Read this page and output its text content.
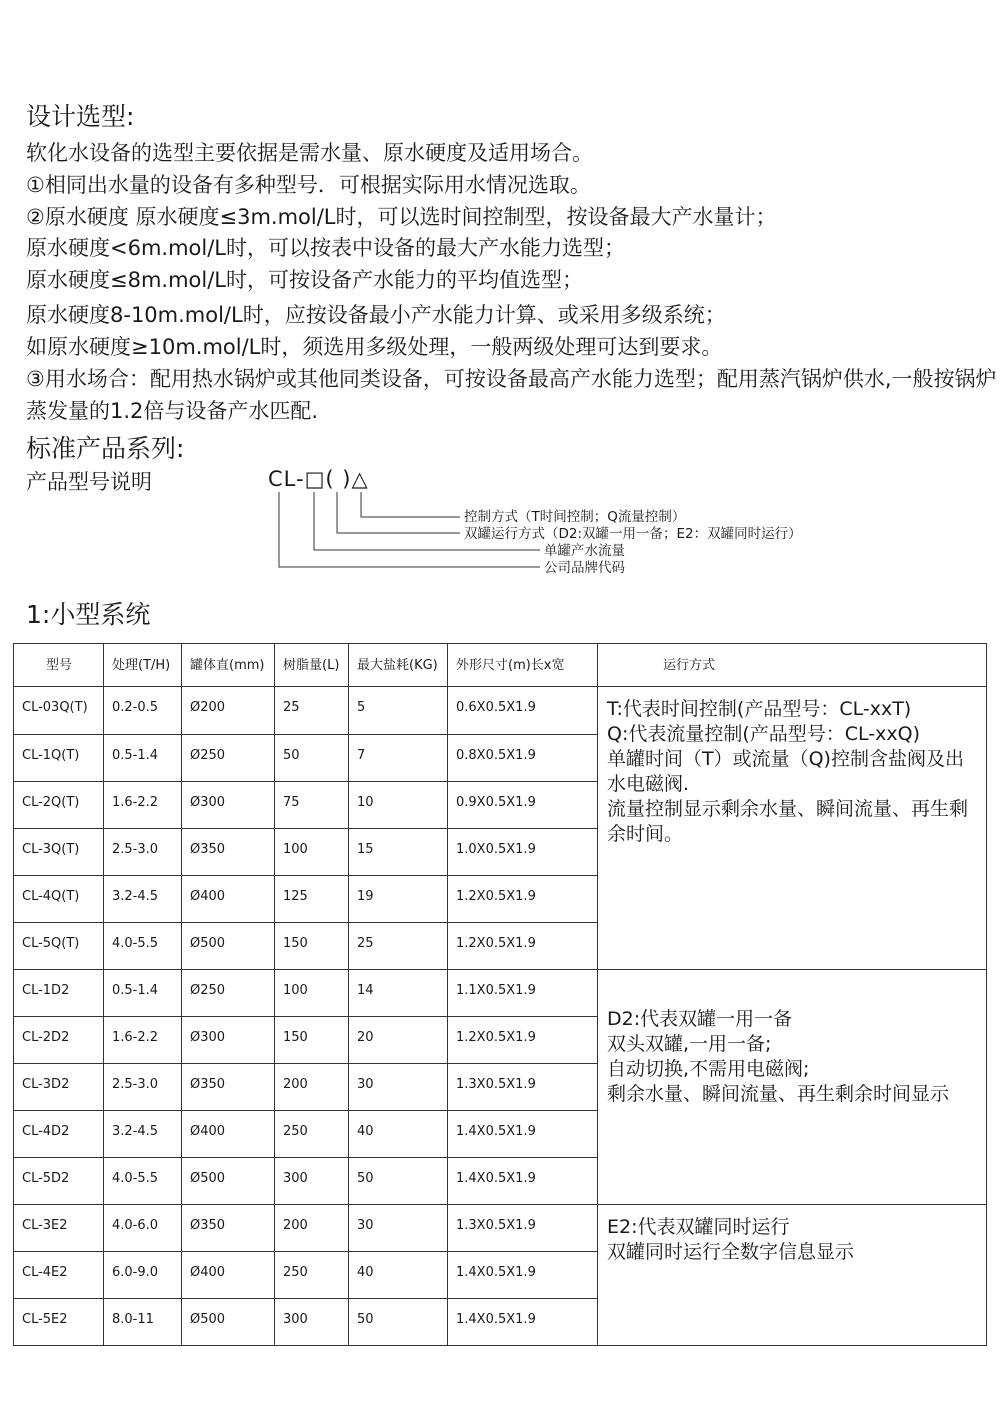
设计选型:

软化水设备的选型主要依据是需水量、原水硬度及适用场合。

①相同出水量的设备有多种型号．可根据实际用水情况选取。

②原水硬度 原水硬度≤3m.mol/L时，可以选时间控制型，按设备最大产水量计；

原水硬度<6m.mol/L时，可以按表中设备的最大产水能力选型；

原水硬度≤8m.mol/L时，可按设备产水能力的平均值选型；

原水硬度8-10m.mol/L时，应按设备最小产水能力计算、或采用多级系统；

如原水硬度≥10m.mol/L时，须选用多级处理，一般两级处理可达到要求。

③用水场合：配用热水锅炉或其他同类设备，可按设备最高产水能力选型；配用蒸汽锅炉供水,一般按锅炉

蒸发量的1.2倍与设备产水匹配.

标准产品系列:
产品型号说明	CL-□( )△
控制方式（T时间控制；Q流量控制）
双罐运行方式（D2:双罐一用一备；E2：双罐同时运行）
单罐产水流量
公司品牌代码
1:小型系统
型号	处理(T/H)	罐体直(mm)	树脂量(L)	最大盐耗(KG)	外形尺寸(m)长x宽	运行方式
CL-03Q(T)	0.2-0.5	Ø200	25	5	0.6X0.5X1.9	T:代表时间控制(产品型号：CL-xxT)
Q:代表流量控制(产品型号：CL-xxQ)
单罐时间（T）或流量（Q)控制含盐阀及出水电磁阀.
流量控制显示剩余水量、瞬间流量、再生剩余时间。

CL-1Q(T)	0.5-1.4	Ø250	50	7	0.8X0.5X1.9	
CL-2Q(T)	1.6-2.2	Ø300	75	10	0.9X0.5X1.9	
CL-3Q(T)	2.5-3.0	Ø350	100	15	1.0X0.5X1.9	
CL-4Q(T)	3.2-4.5	Ø400	125	19	1.2X0.5X1.9	
CL-5Q(T)	4.0-5.5	Ø500	150	25	1.2X0.5X1.9	
CL-1D2	0.5-1.4	Ø250	100	14	1.1X0.5X1.9	D2:代表双罐一用一备
双头双罐,一用一备;
自动切换,不需用电磁阀;
剩余水量、瞬间流量、再生剩余时间显示

CL-2D2	1.6-2.2	Ø300	150	20	1.2X0.5X1.9	
CL-3D2	2.5-3.0	Ø350	200	30	1.3X0.5X1.9	
CL-4D2	3.2-4.5	Ø400	250	40	1.4X0.5X1.9	
CL-5D2	4.0-5.5	Ø500	300	50	1.4X0.5X1.9	
CL-3E2	4.0-6.0	Ø350	200	30	1.3X0.5X1.9	E2:代表双罐同时运行
双罐同时运行全数字信息显示

CL-4E2	6.0-9.0	Ø400	250	40	1.4X0.5X1.9	
CL-5E2	8.0-11	Ø500	300	50	1.4X0.5X1.9	
